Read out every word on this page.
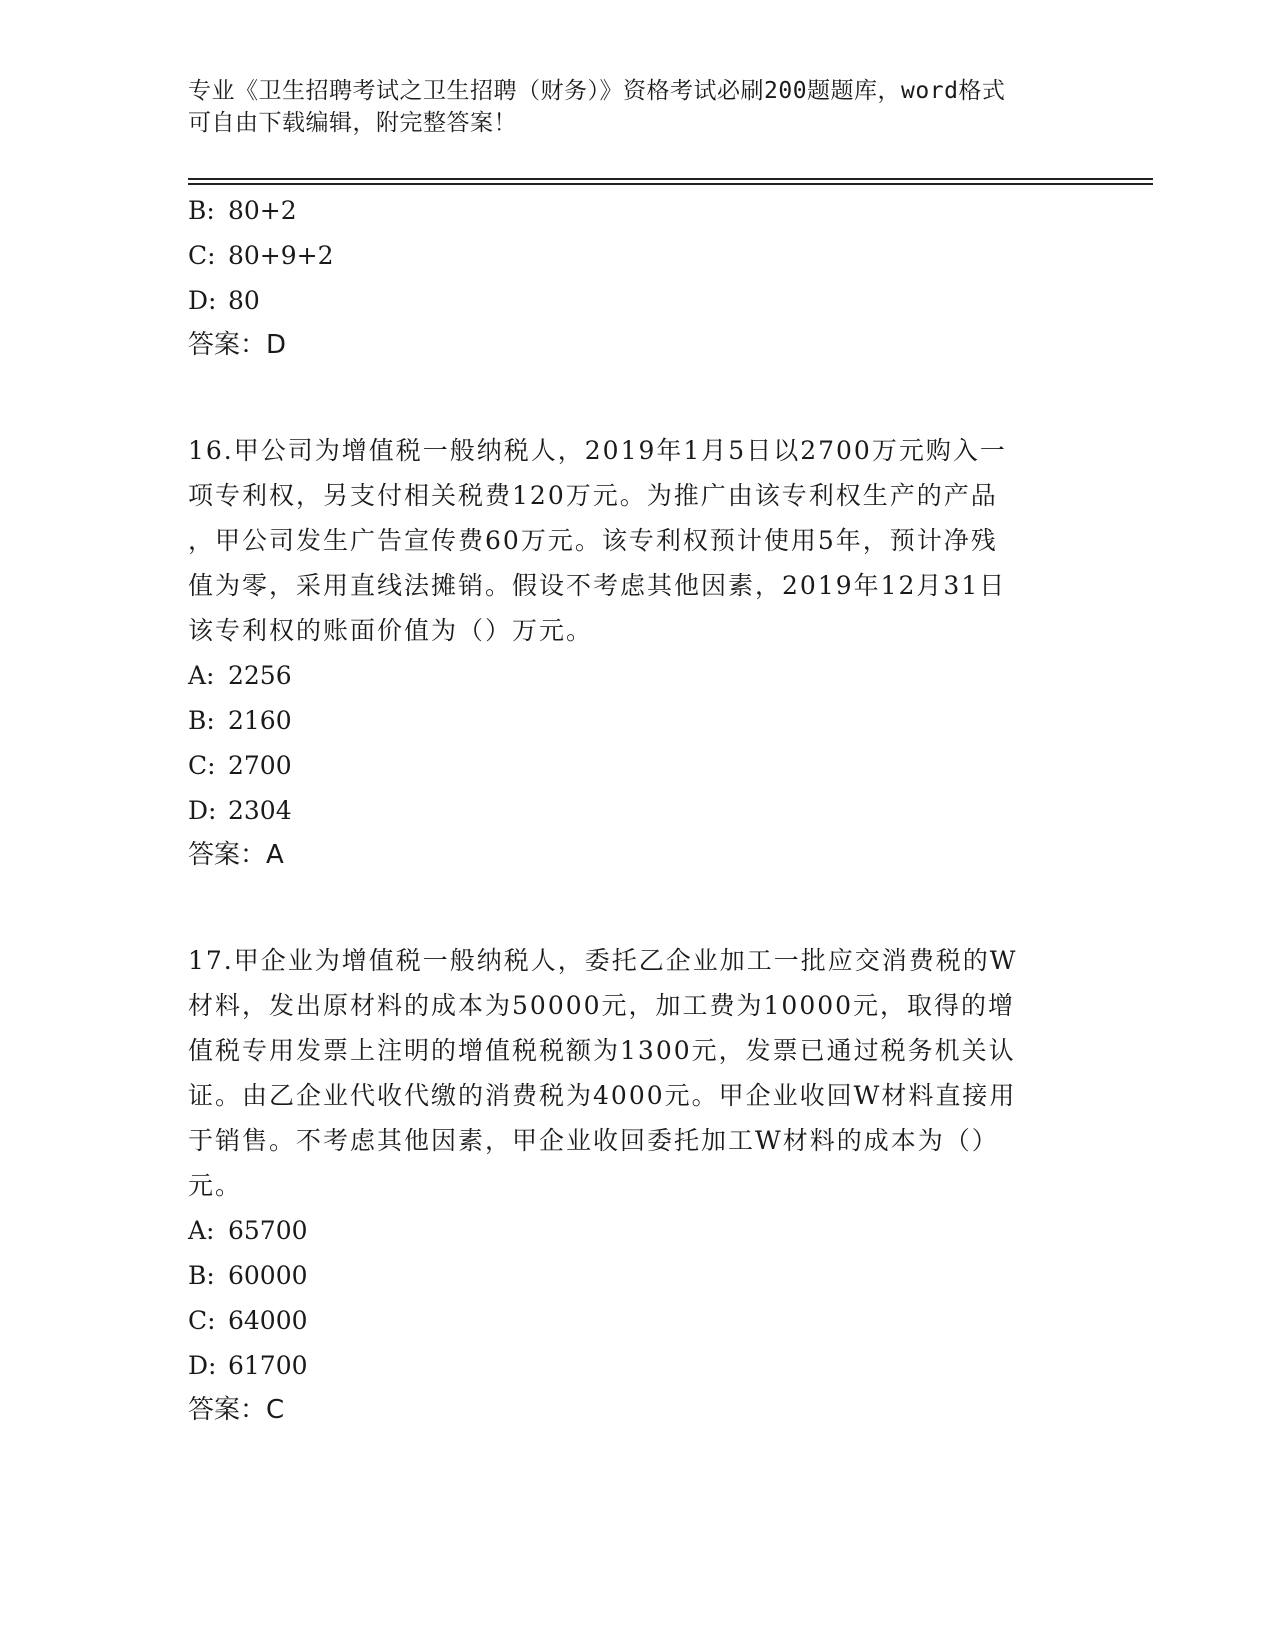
专业《卫生招聘考试之卫生招聘（财务）》资格考试必刷200题题库，word格式
可自由下载编辑，附完整答案！
B: 80+2
C: 80+9+2
D: 80
答案：D
16.甲公司为增值税一般纳税人，2019年1月5日以2700万元购入一
项专利权，另支付相关税费120万元。为推广由该专利权生产的产品
，甲公司发生广告宣传费60万元。该专利权预计使用5年，预计净残
值为零，采用直线法摊销。假设不考虑其他因素，2019年12月31日
该专利权的账面价值为（）万元。
A: 2256
B: 2160
C: 2700
D: 2304
答案：A
17.甲企业为增值税一般纳税人，委托乙企业加工一批应交消费税的W
材料，发出原材料的成本为50000元，加工费为10000元，取得的增
值税专用发票上注明的增值税税额为1300元，发票已通过税务机关认
证。由乙企业代收代缴的消费税为4000元。甲企业收回W材料直接用
于销售。不考虑其他因素，甲企业收回委托加工W材料的成本为（）
元。
A: 65700
B: 60000
C: 64000
D: 61700
答案：C
